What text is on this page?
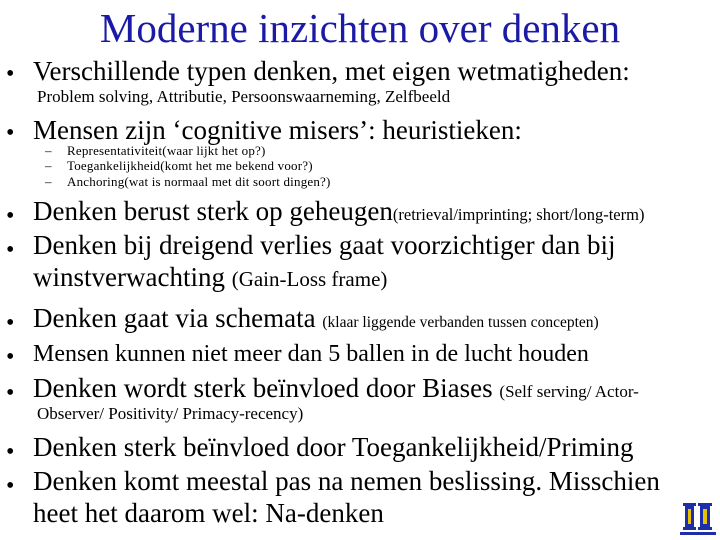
Moderne inzichten over denken
• Verschillende typen denken, met eigen wetmatigheden:
Problem solving, Attributie, Persoonswaarneming, Zelfbeeld
• Mensen zijn ‘cognitive misers’: heuristieken:
– Representativiteit(waar lijkt het op?)
– Toegankelijkheid(komt het me bekend voor?)
– Anchoring(wat is normaal met dit soort dingen?)
• Denken berust sterk op geheugen(retrieval/imprinting; short/long-term)
• Denken bij dreigend verlies gaat voorzichtiger dan bij
winstverwachting (Gain-Loss frame)
• Denken gaat via schemata (klaar liggende verbanden tussen concepten)
• Mensen kunnen niet meer dan 5 ballen in de lucht houden
• Denken wordt sterk beïnvloed door Biases (Self serving/ Actor-
Observer/ Positivity/ Primacy-recency)
• Denken sterk beïnvloed door Toegankelijkheid/Priming
• Denken komt meestal pas na nemen beslissing. Misschien
heet het daarom wel: Na-denken
